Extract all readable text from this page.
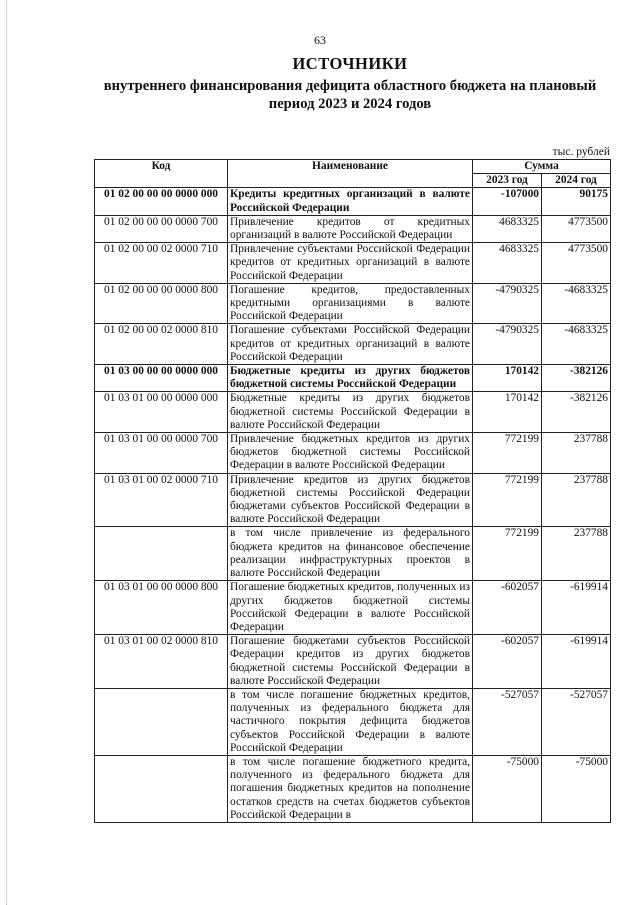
63
ИСТОЧНИКИ
внутреннего финансирования дефицита областного бюджета на плановый
период 2023 и 2024 годов
тыс. рублей
Код	Наименование	Сумма	
		2023 год	2024 год
01 02 00 00 00 0000 000	Кредиты кредитных организаций в валюте Российской Федерации	-107000	90175
01 02 00 00 00 0000 700	Привлечение кредитов от кредитных организаций в валюте Российской Федерации	4683325	4773500
01 02 00 00 02 0000 710	Привлечение субъектами Российской Федерации кредитов от кредитных организаций в валюте Российской Федерации	4683325	4773500
01 02 00 00 00 0000 800	Погашение кредитов, предоставленных кредитными организациями в валюте Российской Федерации	-4790325	-4683325
01 02 00 00 02 0000 810	Погашение субъектами Российской Федерации кредитов от кредитных организаций в валюте Российской Федерации	-4790325	-4683325
01 03 00 00 00 0000 000	Бюджетные кредиты из других бюджетов бюджетной системы Российской Федерации	170142	-382126
01 03 01 00 00 0000 000	Бюджетные кредиты из других бюджетов бюджетной системы Российской Федерации в валюте Российской Федерации	170142	-382126
01 03 01 00 00 0000 700	Привлечение бюджетных кредитов из других бюджетов бюджетной системы Российской Федерации в валюте Российской Федерации	772199	237788
01 03 01 00 02 0000 710	Привлечение кредитов из других бюджетов бюджетной системы Российской Федерации бюджетами субъектов Российской Федерации в валюте Российской Федерации	772199	237788
	в том числе привлечение из федерального бюджета кредитов на финансовое обеспечение реализации инфраструктурных проектов в валюте Российской Федерации	772199	237788
01 03 01 00 00 0000 800	Погашение бюджетных кредитов, полученных из других бюджетов бюджетной системы Российской Федерации в валюте Российской Федерации	-602057	-619914
01 03 01 00 02 0000 810	Погашение бюджетами субъектов Российской Федерации кредитов из других бюджетов бюджетной системы Российской Федерации в валюте Российской Федерации	-602057	-619914
	в том числе погашение бюджетных кредитов, полученных из федерального бюджета для частичного покрытия дефицита бюджетов субъектов Российской Федерации в валюте Российской Федерации	-527057	-527057
	в том числе погашение бюджетного кредита, полученного из федерального бюджета для погашения бюджетных кредитов на пополнение остатков средств на счетах бюджетов субъектов Российской Федерации в	-75000	-75000
